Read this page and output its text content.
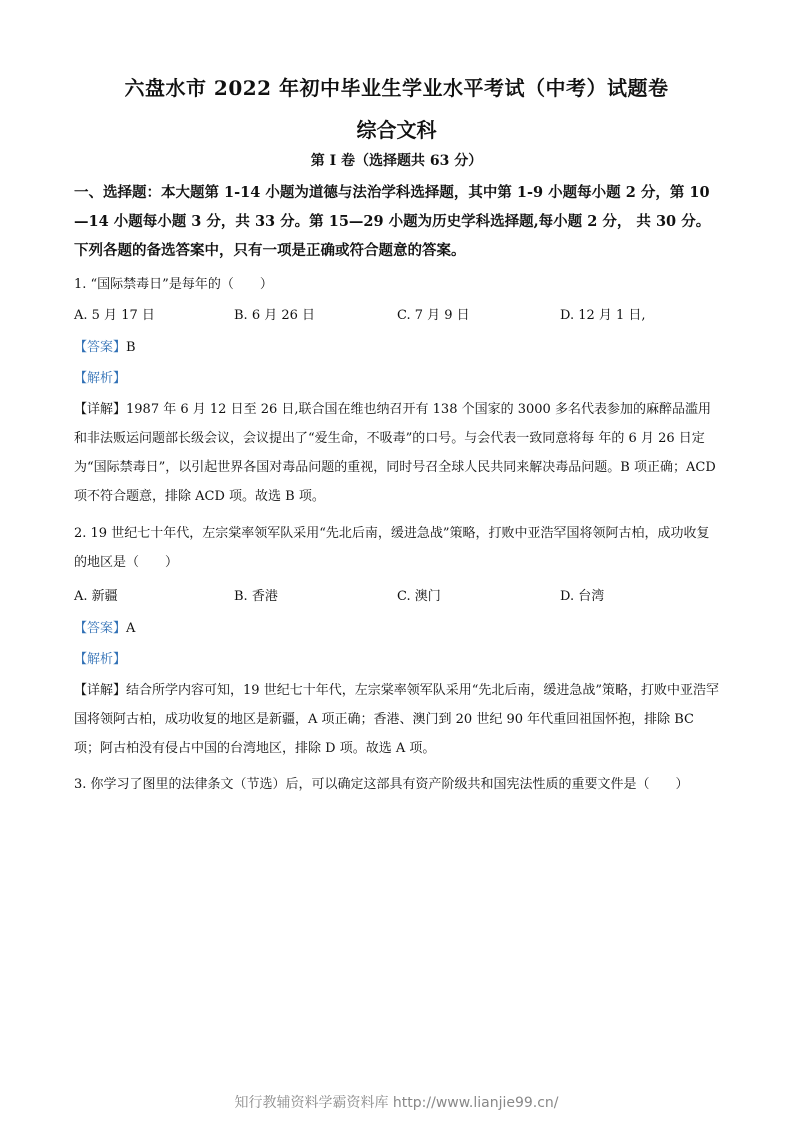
六盘水市 2022 年初中毕业生学业水平考试（中考）试题卷
综合文科
第 I 卷（选择题共 63 分）
一、选择题：本大题第 1-14 小题为道德与法治学科选择题，其中第 1-9 小题每小题 2 分，第 10—14 小题每小题 3 分，共 33 分。第 15—29 小题为历史学科选择题,每小题 2 分， 共 30 分。下列各题的备选答案中，只有一项是正确或符合题意的答案。
1. “国际禁毒日”是每年的（　　）
A. 5 月 17 日	B. 6 月 26 日	C. 7 月 9 日	D. 12 月 1 日,
【答案】B
【解析】
【详解】1987 年 6 月 12 日至 26 日,联合国在维也纳召开有 138 个国家的 3000 多名代表参加的麻醉品滥用和非法贩运问题部长级会议，会议提出了“爱生命，不吸毒”的口号。与会代表一致同意将每 年的 6 月 26 日定为“国际禁毒日”，以引起世界各国对毒品问题的重视，同时号召全球人民共同来解决毒品问题。B 项正确；ACD 项不符合题意，排除 ACD 项。故选 B 项。
2. 19 世纪七十年代，左宗棠率领军队采用“先北后南，缓进急战”策略，打败中亚浩罕国将领阿古柏，成功收复的地区是（　　）
A. 新疆	B. 香港	C. 澳门	D. 台湾
【答案】A
【解析】
【详解】结合所学内容可知，19 世纪七十年代，左宗棠率领军队采用“先北后南，缓进急战”策略，打败中亚浩罕国将领阿古柏，成功收复的地区是新疆，A 项正确；香港、澳门到 20 世纪 90 年代重回祖国怀抱，排除 BC 项；阿古柏没有侵占中国的台湾地区，排除 D 项。故选 A 项。
3. 你学习了图里的法律条文（节选）后，可以确定这部具有资产阶级共和国宪法性质的重要文件是（　　）
知行教辅资料学霸资料库 http://www.lianjie99.cn/
